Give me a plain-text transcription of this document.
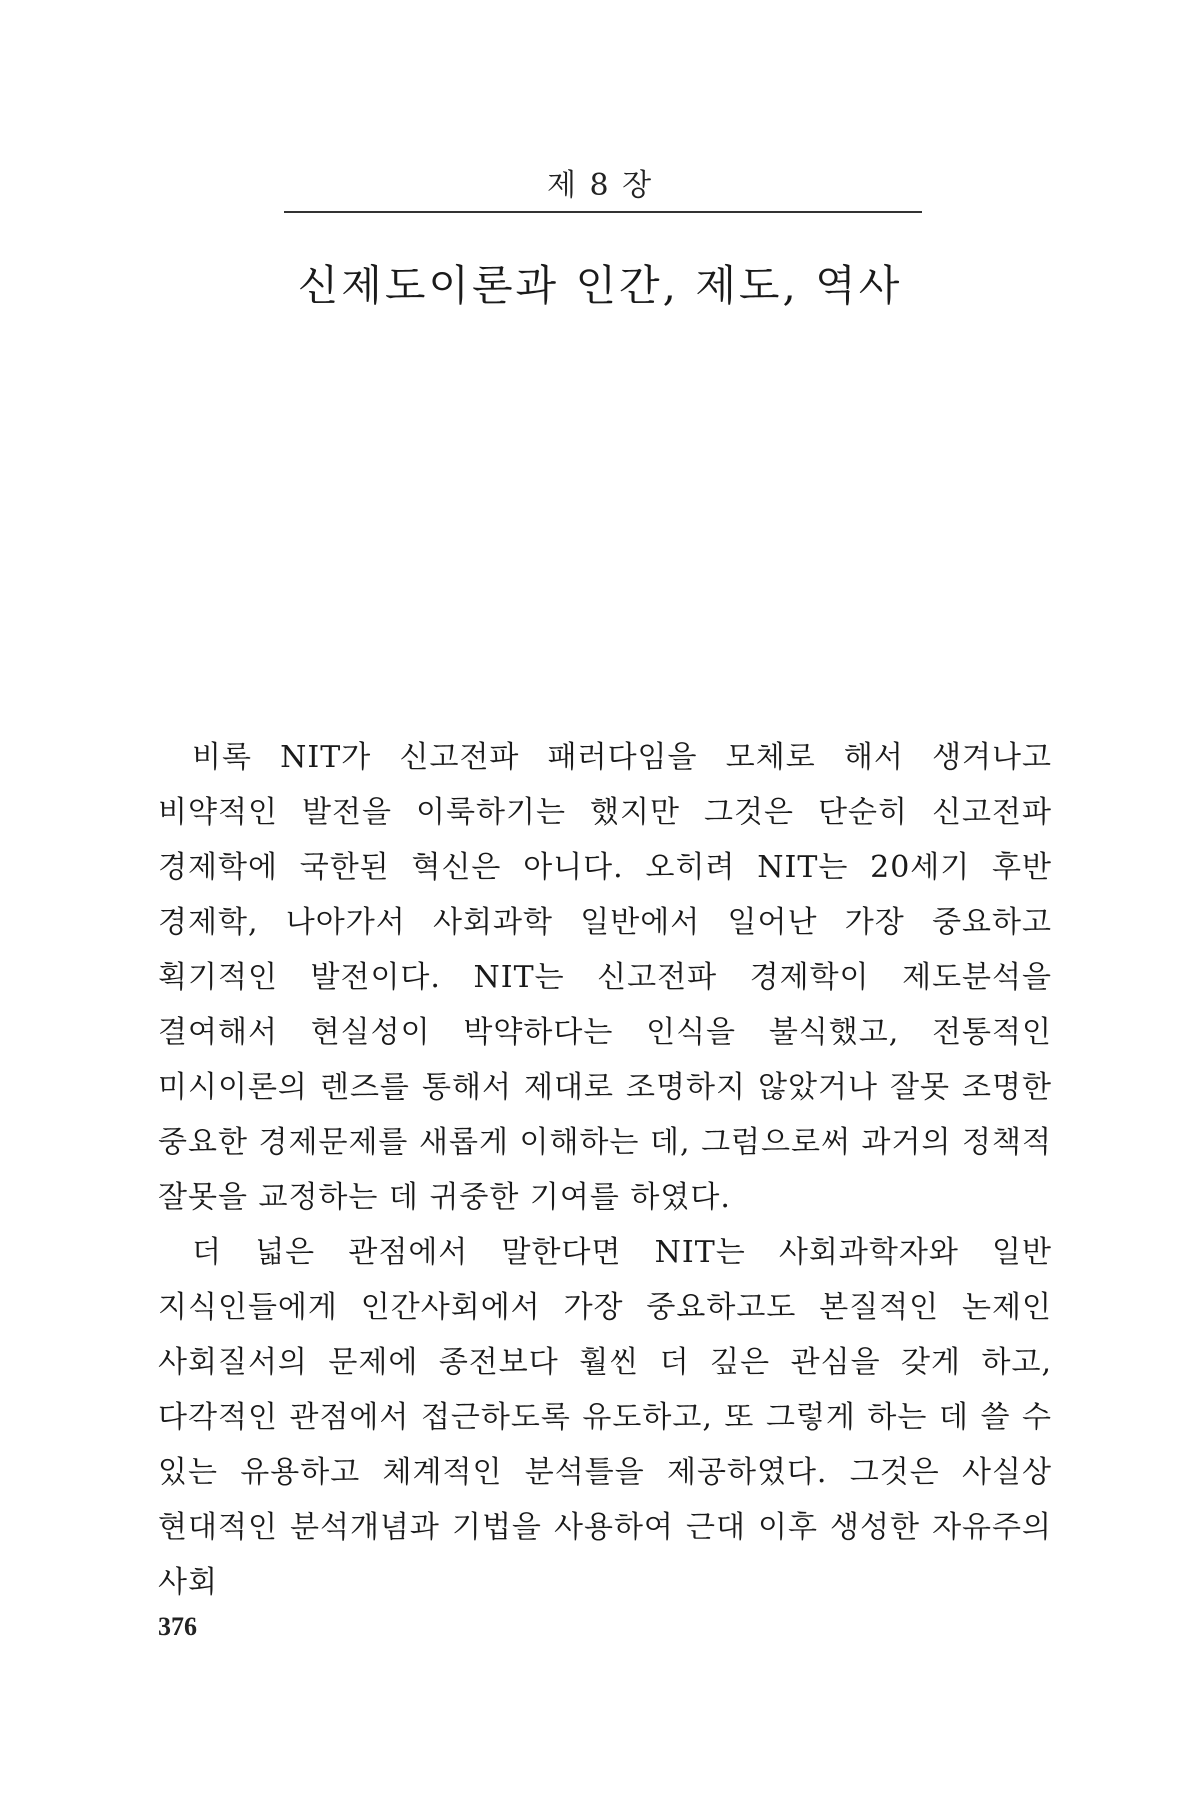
제 8 장
신제도이론과 인간, 제도, 역사

비록 NIT가 신고전파 패러다임을 모체로 해서 생겨나고 비약적인 발전을 이룩하기는 했지만 그것은 단순히 신고전파 경제학에 국한된 혁신은 아니다. 오히려 NIT는 20세기 후반 경제학, 나아가서 사회과학 일반에서 일어난 가장 중요하고 획기적인 발전이다. NIT는 신고전파 경제학이 제도분석을 결여해서 현실성이 박약하다는 인식을 불식했고, 전통적인 미시이론의 렌즈를 통해서 제대로 조명하지 않았거나 잘못 조명한 중요한 경제문제를 새롭게 이해하는 데, 그럼으로써 과거의 정책적 잘못을 교정하는 데 귀중한 기여를 하였다.

더 넓은 관점에서 말한다면 NIT는 사회과학자와 일반 지식인들에게 인간사회에서 가장 중요하고도 본질적인 논제인 사회질서의 문제에 종전보다 훨씬 더 깊은 관심을 갖게 하고, 다각적인 관점에서 접근하도록 유도하고, 또 그렇게 하는 데 쓸 수 있는 유용하고 체계적인 분석틀을 제공하였다. 그것은 사실상 현대적인 분석개념과 기법을 사용하여 근대 이후 생성한 자유주의 사회

376
